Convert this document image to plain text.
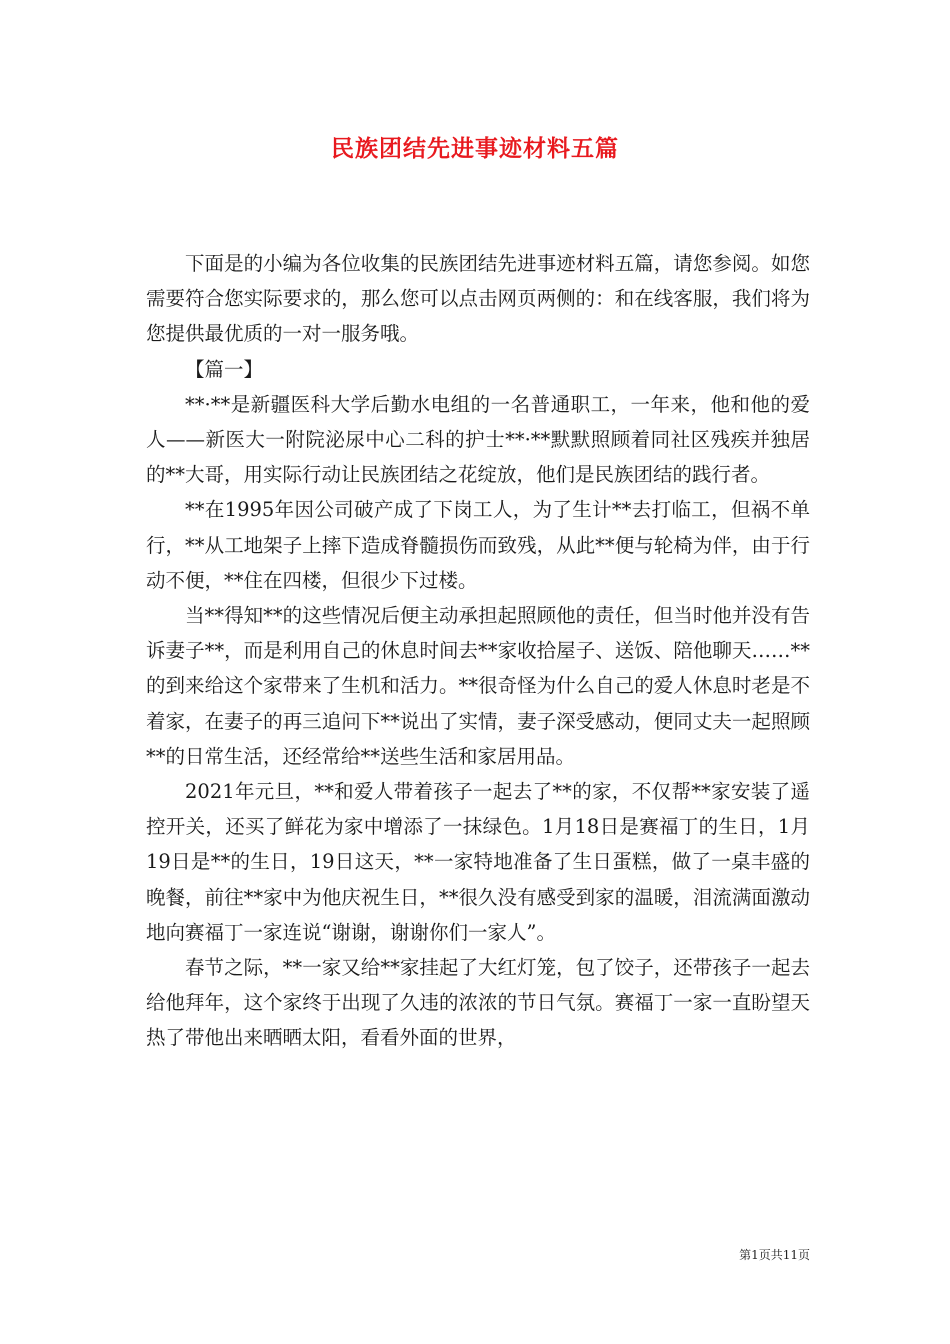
民族团结先进事迹材料五篇

下面是的小编为各位收集的民族团结先进事迹材料五篇，请您参阅。如您需要符合您实际要求的，那么您可以点击网页两侧的：和在线客服，我们将为您提供最优质的一对一服务哦。

【篇一】

**·**是新疆医科大学后勤水电组的一名普通职工，一年来，他和他的爱人——新医大一附院泌尿中心二科的护士**·**默默照顾着同社区残疾并独居的**大哥，用实际行动让民族团结之花绽放，他们是民族团结的践行者。

**在1995年因公司破产成了下岗工人，为了生计**去打临工，但祸不单行，**从工地架子上摔下造成脊髓损伤而致残，从此**便与轮椅为伴，由于行动不便，**住在四楼，但很少下过楼。

当**得知**的这些情况后便主动承担起照顾他的责任，但当时他并没有告诉妻子**，而是利用自己的休息时间去**家收拾屋子、送饭、陪他聊天……**的到来给这个家带来了生机和活力。**很奇怪为什么自己的爱人休息时老是不着家，在妻子的再三追问下**说出了实情，妻子深受感动，便同丈夫一起照顾**的日常生活，还经常给**送些生活和家居用品。

2021年元旦，**和爱人带着孩子一起去了**的家，不仅帮**家安装了遥控开关，还买了鲜花为家中增添了一抹绿色。1月18日是赛福丁的生日，1月19日是**的生日，19日这天，**一家特地准备了生日蛋糕，做了一桌丰盛的晚餐，前往**家中为他庆祝生日，**很久没有感受到家的温暖，泪流满面激动地向赛福丁一家连说“谢谢，谢谢你们一家人”。

春节之际，**一家又给**家挂起了大红灯笼，包了饺子，还带孩子一起去给他拜年，这个家终于出现了久违的浓浓的节日气氛。赛福丁一家一直盼望天热了带他出来晒晒太阳，看看外面的世界，

第1页共11页
